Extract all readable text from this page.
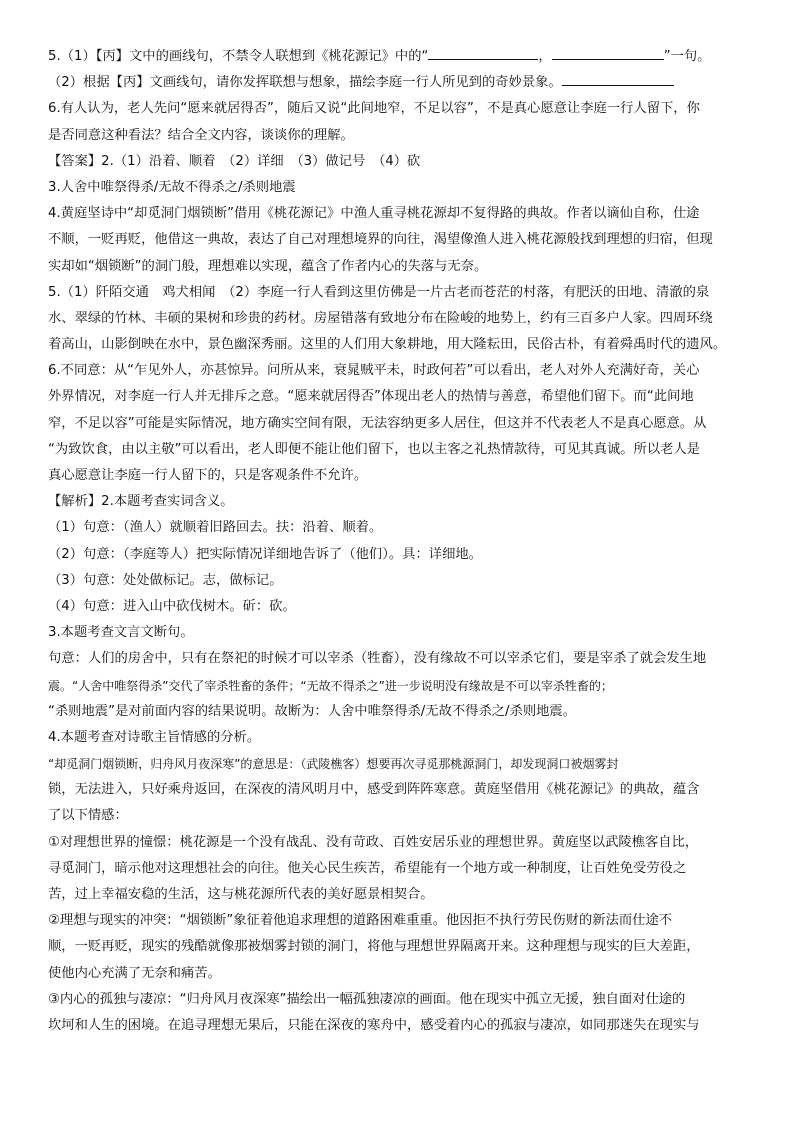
5.（1）【丙】文中的画线句，不禁令人联想到《桃花源记》中的“	，	”一句。
（2）根据【丙】文画线句，请你发挥联想与想象，描绘李庭一行人所见到的奇妙景象。
6.有人认为，老人先问“愿来就居得否”，随后又说“此间地窄，不足以容”，不是真心愿意让李庭一行人留下，你
是否同意这种看法？结合全文内容，谈谈你的理解。
【答案】2.（1）沿着、顺着　（2）详细　（3）做记号　（4）砍
3.人舍中唯祭得杀/无故不得杀之/杀则地震
4.黄庭坚诗中“却觅洞门烟锁断”借用《桃花源记》中渔人重寻桃花源却不复得路的典故。作者以谪仙自称，仕途
不顺，一贬再贬，他借这一典故，表达了自己对理想境界的向往，渴望像渔人进入桃花源般找到理想的归宿，但现
实却如“烟锁断”的洞门般，理想难以实现，蕴含了作者内心的失落与无奈。
5.（1）阡陌交通　鸡犬相闻　（2）李庭一行人看到这里仿佛是一片古老而苍茫的村落，有肥沃的田地、清澈的泉
水、翠绿的竹林、丰硕的果树和珍贵的药材。房屋错落有致地分布在险峻的地势上，约有三百多户人家。四周环绕
着高山，山影倒映在水中，景色幽深秀丽。这里的人们用大象耕地，用大隆耘田，民俗古朴，有着舜禹时代的遗风。
6.不同意：从“乍见外人，亦甚惊异。问所从来，衰晁贼平未，时政何若”可以看出，老人对外人充满好奇，关心
外界情况，对李庭一行人并无排斥之意。“愿来就居得否”体现出老人的热情与善意，希望他们留下。而“此间地
窄，不足以容”可能是实际情况，地方确实空间有限，无法容纳更多人居住，但这并不代表老人不是真心愿意。从
“为致饮食，由以主敬”可以看出，老人即便不能让他们留下，也以主客之礼热情款待，可见其真诚。所以老人是
真心愿意让李庭一行人留下的，只是客观条件不允许。
【解析】2.本题考查实词含义。
（1）句意：（渔人）就顺着旧路回去。扶：沿着、顺着。
（2）句意：（李庭等人）把实际情况详细地告诉了（他们）。具：详细地。
（3）句意：处处做标记。志，做标记。
（4）句意：进入山中砍伐树木。斫：砍。
3.本题考查文言文断句。
句意：人们的房舍中，只有在祭祀的时候才可以宰杀（牲畜），没有缘故不可以宰杀它们，要是宰杀了就会发生地
震。“人舍中唯祭得杀”交代了宰杀牲畜的条件；“无故不得杀之”进一步说明没有缘故是不可以宰杀牲畜的；
“杀则地震”是对前面内容的结果说明。故断为：人舍中唯祭得杀/无故不得杀之/杀则地震。
4.本题考查对诗歌主旨情感的分析。
“却觅洞门烟锁断，归舟风月夜深寒”的意思是：（武陵樵客）想要再次寻觅那桃源洞门，却发现洞口被烟雾封
锁，无法进入，只好乘舟返回，在深夜的清风明月中，感受到阵阵寒意。黄庭坚借用《桃花源记》的典故，蕴含
了以下情感：
①对理想世界的憧憬：桃花源是一个没有战乱、没有苛政、百姓安居乐业的理想世界。黄庭坚以武陵樵客自比，
寻觅洞门，暗示他对这理想社会的向往。他关心民生疾苦，希望能有一个地方或一种制度，让百姓免受劳役之
苦，过上幸福安稳的生活，这与桃花源所代表的美好愿景相契合。
②理想与现实的冲突：“烟锁断”象征着他追求理想的道路困难重重。他因拒不执行劳民伤财的新法而仕途不
顺，一贬再贬，现实的残酷就像那被烟雾封锁的洞门，将他与理想世界隔离开来。这种理想与现实的巨大差距，
使他内心充满了无奈和痛苦。
③内心的孤独与凄凉：“归舟风月夜深寒”描绘出一幅孤独凄凉的画面。他在现实中孤立无援，独自面对仕途的
坎坷和人生的困境。在追寻理想无果后，只能在深夜的寒舟中，感受着内心的孤寂与凄凉，如同那迷失在现实与
